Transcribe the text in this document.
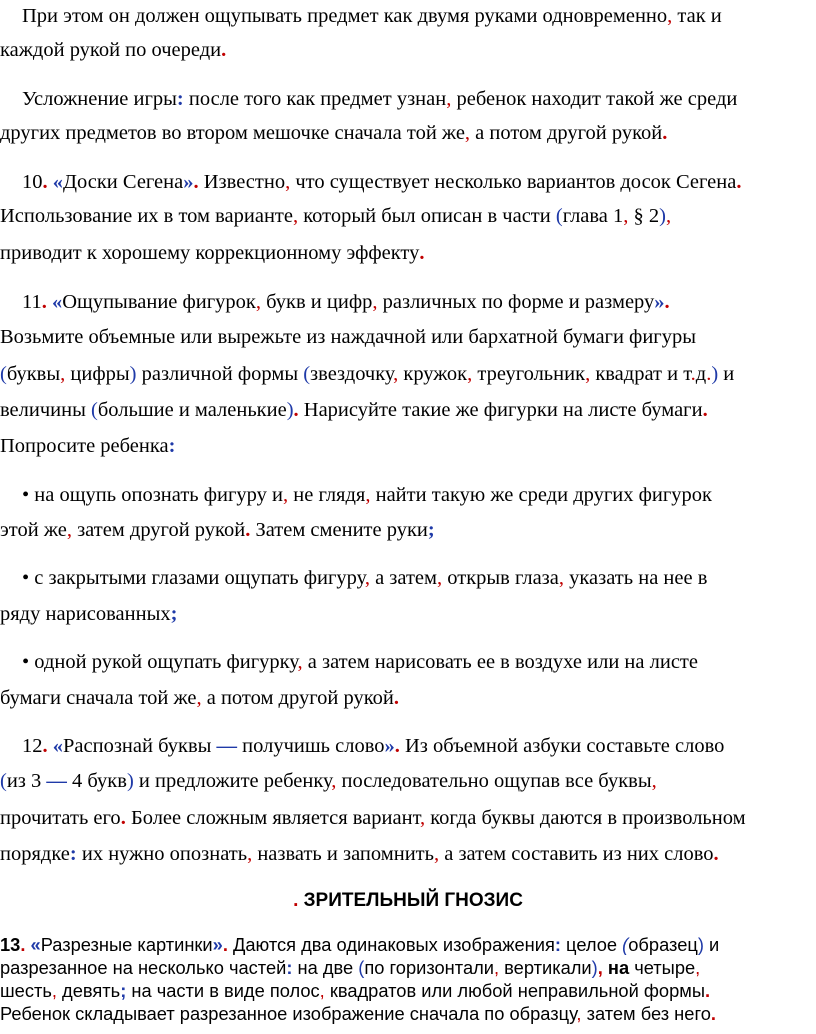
При этом он должен ощупывать предмет как двумя руками одновременно, так и
каждой рукой по очереди.
Усложнение игры: после того как предмет узнан, ребенок находит такой же среди
других предметов во втором мешочке сначала той же, а потом другой рукой.
10. «Доски Сегена». Известно, что существует несколько вариантов досок Сегена.
Использование их в том варианте, который был описан в части (глава 1, § 2),
приводит к хорошему коррекционному эффекту.
11. «Ощупывание фигурок, букв и цифр, различных по форме и размеру».
Возьмите объемные или вырежьте из наждачной или бархатной бумаги фигуры
(буквы, цифры) различной формы (звездочку, кружок, треугольник, квадрат и т.д.) и
величины (большие и маленькие). Нарисуйте такие же фигурки на листе бумаги.
Попросите ребенка:
• на ощупь опознать фигуру и, не глядя, найти такую же среди других фигурок
этой же, затем другой рукой. Затем смените руки;
• с закрытыми глазами ощупать фигуру, а затем, открыв глаза, указать на нее в
ряду нарисованных;
• одной рукой ощупать фигурку, а затем нарисовать ее в воздухе или на листе
бумаги сначала той же, а потом другой рукой.
12. «Распознай буквы — получишь слово». Из объемной азбуки составьте слово
(из 3 — 4 букв) и предложите ребенку, последовательно ощупав все буквы,
прочитать его. Более сложным является вариант, когда буквы даются в произвольном
порядке: их нужно опознать, назвать и запомнить, а затем составить из них слово.
. ЗРИТЕЛЬНЫЙ ГНОЗИС
13. «Разрезные картинки». Даются два одинаковых изображения: целое (образец) и
разрезанное на несколько частей: на две (по горизонтали, вертикали), на четыре,
шесть, девять; на части в виде полос, квадратов или любой неправильной формы.
Ребенок складывает разрезанное изображение сначала по образцу, затем без него.
